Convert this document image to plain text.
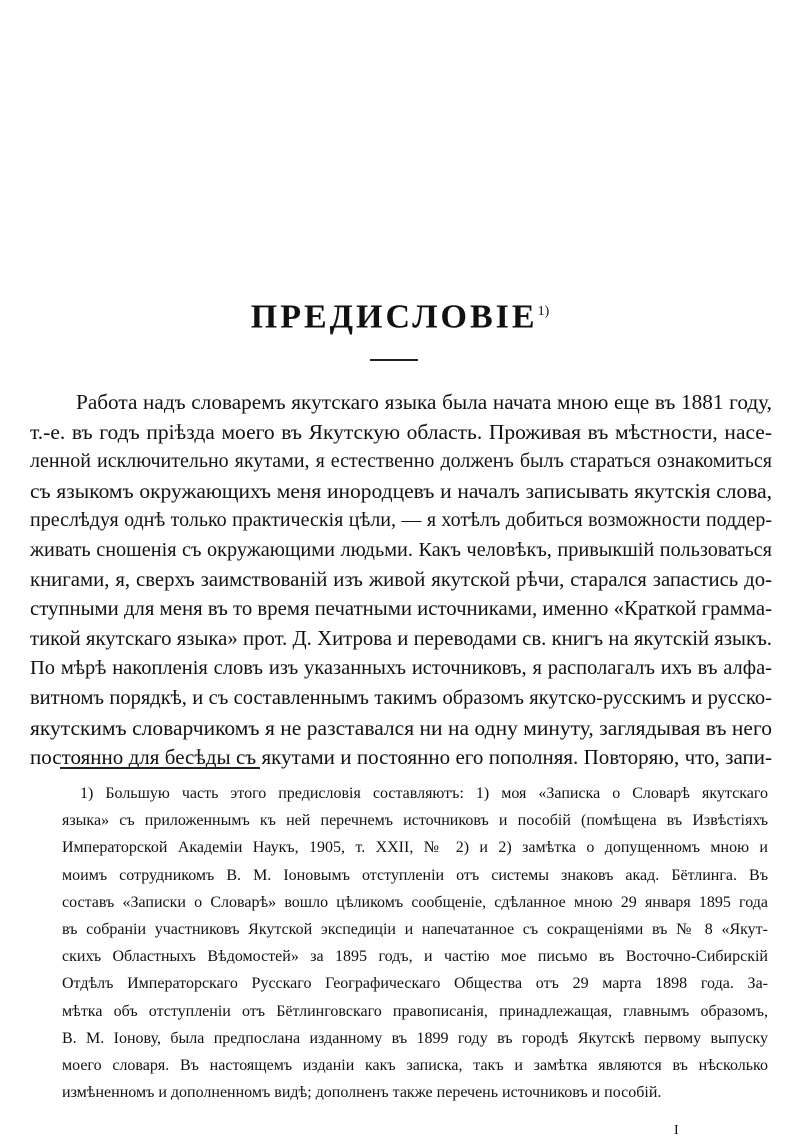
ПРЕДИСЛОВІЕ$^{1)}$
Работа надъ словаремъ якутскаго языка была начата мною еще въ 1881 году,
т.-е. въ годъ пріѣзда моего въ Якутскую область. Проживая въ мѣстности, насе-
ленной исключительно якутами, я естественно долженъ былъ стараться ознакомиться
съ языкомъ окружающихъ меня инородцевъ и началъ записывать якутскія слова,
преслѣдуя однѣ только практическія цѣли, — я хотѣлъ добиться возможности поддер-
живать сношенія съ окружающими людьми. Какъ человѣкъ, привыкшій пользоваться
книгами, я, сверхъ заимствованій изъ живой якутской рѣчи, старался запастись до-
ступными для меня въ то время печатными источниками, именно «Краткой грамма-
тикой якутскаго языка» прот. Д. Хитрова и переводами св. книгъ на якутскій языкъ.
По мѣрѣ накопленія словъ изъ указанныхъ источниковъ, я располагалъ ихъ въ алфа-
витномъ порядкѣ, и съ составленнымъ такимъ образомъ якутско-русскимъ и русско-
якутскимъ словарчикомъ я не разставался ни на одну минуту, заглядывая въ него
постоянно для бесѣды съ якутами и постоянно его пополняя. Повторяю, что, запи-
1) Большую часть этого предисловія составляютъ: 1) моя «Записка о Словарѣ якутскаго
языка» съ приложеннымъ къ ней перечнемъ источниковъ и пособій (помѣщена въ Извѣстіяхъ
Императорской Академіи Наукъ, 1905, т. XXII, № 2) и 2) замѣтка о допущенномъ мною и
моимъ сотрудникомъ В. М. Іоновымъ отступленіи отъ системы знаковъ акад. Бётлинга. Въ
составъ «Записки о Словарѣ» вошло цѣликомъ сообщеніе, сдѣланное мною 29 января 1895 года
въ собраніи участниковъ Якутской экспедиціи и напечатанное съ сокращеніями въ № 8 «Якут-
скихъ Областныхъ Вѣдомостей» за 1895 годъ, и частію мое письмо въ Восточно-Сибирскій
Отдѣлъ Императорскаго Русскаго Географическаго Общества отъ 29 марта 1898 года. За-
мѣтка объ отступленіи отъ Бётлинговскаго правописанія, принадлежащая, главнымъ образомъ,
В. М. Іонову, была предпослана изданному въ 1899 году въ городѣ Якутскѣ первому выпуску
моего словаря. Въ настоящемъ изданіи какъ записка, такъ и замѣтка являются въ нѣсколько
измѣненномъ и дополненномъ видѣ; дополненъ также перечень источниковъ и пособій.
I
